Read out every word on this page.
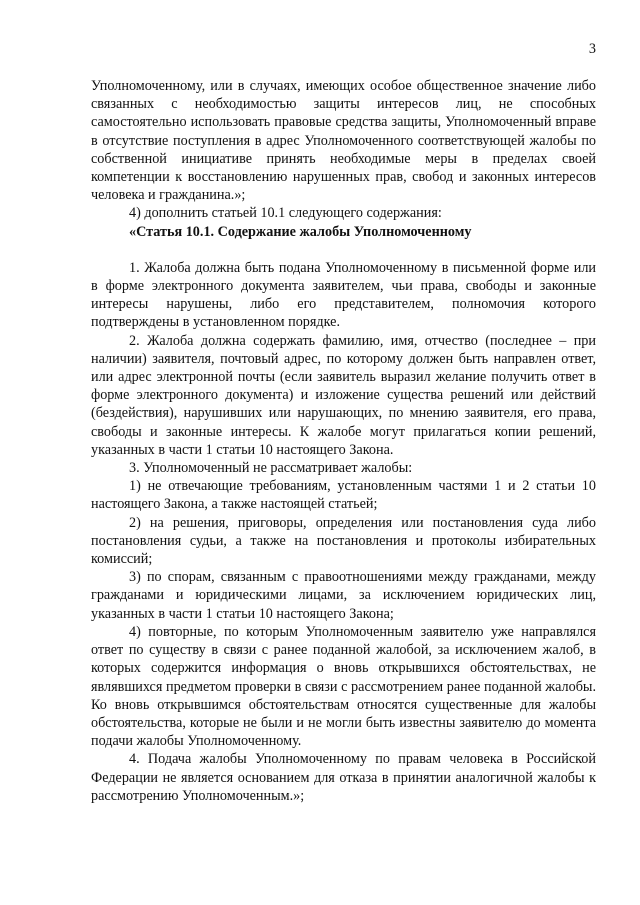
3

Уполномоченному, или в случаях, имеющих особое общественное значение либо связанных с необходимостью защиты интересов лиц, не способных самостоятельно использовать правовые средства защиты, Уполномоченный вправе в отсутствие поступления в адрес Уполномоченного соответствующей жалобы по собственной инициативе принять необходимые меры в пределах своей компетенции к восстановлению нарушенных прав, свобод и законных интересов человека и гражданина.»;

4) дополнить статьей 10.1 следующего содержания:

«Статья 10.1. Содержание жалобы Уполномоченному

1. Жалоба должна быть подана Уполномоченному в письменной форме или в форме электронного документа заявителем, чьи права, свободы и законные интересы нарушены, либо его представителем, полномочия которого подтверждены в установленном порядке.

2. Жалоба должна содержать фамилию, имя, отчество (последнее – при наличии) заявителя, почтовый адрес, по которому должен быть направлен ответ, или адрес электронной почты (если заявитель выразил желание получить ответ в форме электронного документа) и изложение существа решений или действий (бездействия), нарушивших или нарушающих, по мнению заявителя, его права, свободы и законные интересы. К жалобе могут прилагаться копии решений, указанных в части 1 статьи 10 настоящего Закона.

3. Уполномоченный не рассматривает жалобы:

1) не отвечающие требованиям, установленным частями 1 и 2 статьи 10 настоящего Закона, а также настоящей статьей;

2) на решения, приговоры, определения или постановления суда либо постановления судьи, а также на постановления и протоколы избирательных комиссий;

3) по спорам, связанным с правоотношениями между гражданами, между гражданами и юридическими лицами, за исключением юридических лиц, указанных в части 1 статьи 10 настоящего Закона;

4) повторные, по которым Уполномоченным заявителю уже направлялся ответ по существу в связи с ранее поданной жалобой, за исключением жалоб, в которых содержится информация о вновь открывшихся обстоятельствах, не являвшихся предметом проверки в связи с рассмотрением ранее поданной жалобы. Ко вновь открывшимся обстоятельствам относятся существенные для жалобы обстоятельства, которые не были и не могли быть известны заявителю до момента подачи жалобы Уполномоченному.

4. Подача жалобы Уполномоченному по правам человека в Российской Федерации не является основанием для отказа в принятии аналогичной жалобы к рассмотрению Уполномоченным.»;
